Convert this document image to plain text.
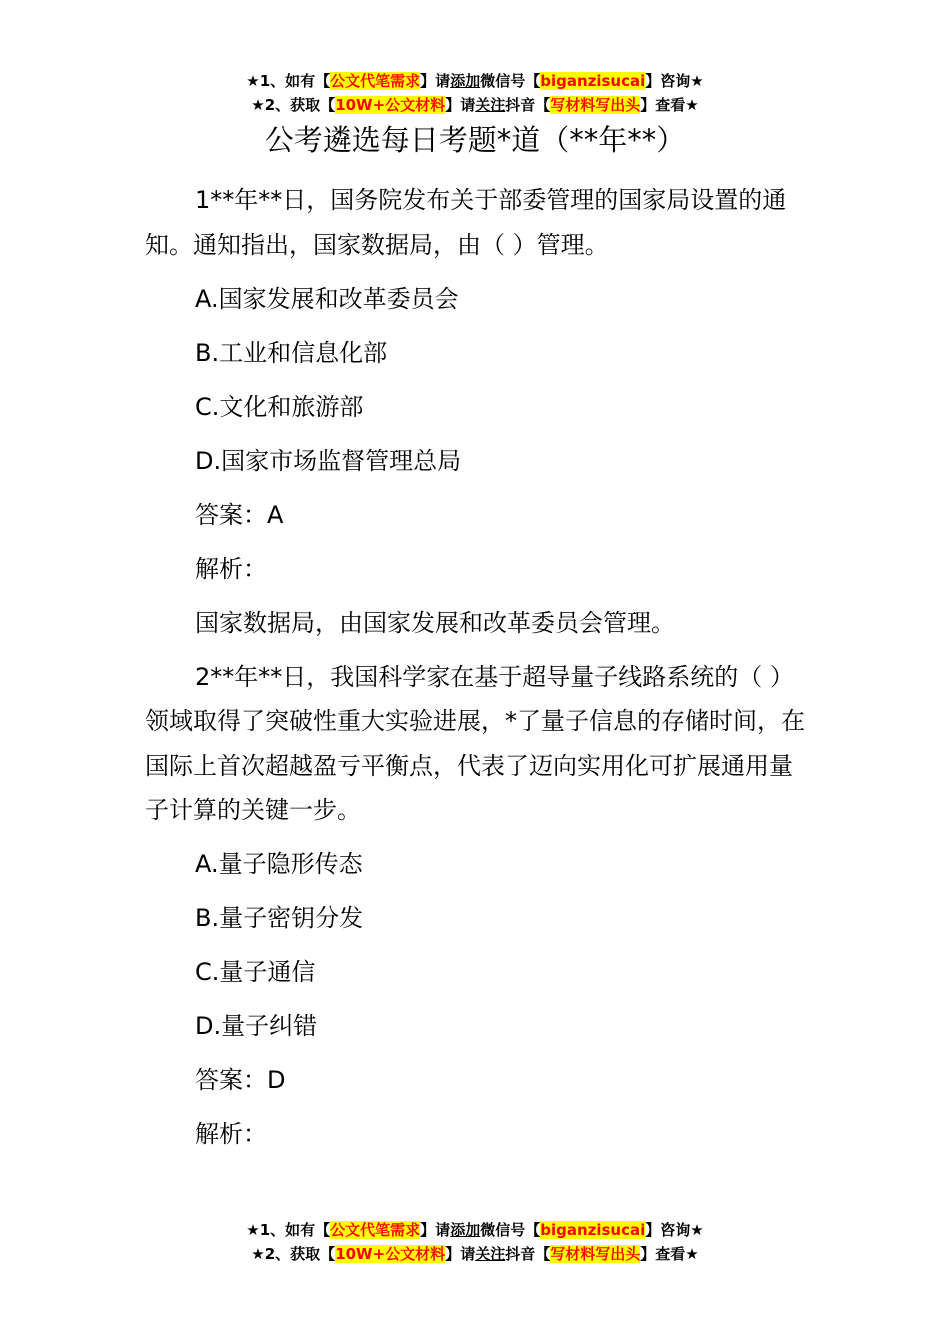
★1、如有【公文代笔需求】请添加微信号【biganzisucai】咨询★
★2、获取【10W+公文材料】请关注抖音【写材料写出头】查看★
公考遴选每日考题*道（**年**）

1**年**日，国务院发布关于部委管理的国家局设置的通知。通知指出，国家数据局，由（ ）管理。

A.国家发展和改革委员会

B.工业和信息化部

C.文化和旅游部

D.国家市场监督管理总局

答案：A

解析：

国家数据局，由国家发展和改革委员会管理。

2**年**日，我国科学家在基于超导量子线路系统的（ ）领域取得了突破性重大实验进展，*了量子信息的存储时间，在国际上首次超越盈亏平衡点，代表了迈向实用化可扩展通用量子计算的关键一步。

A.量子隐形传态

B.量子密钥分发

C.量子通信

D.量子纠错

答案：D

解析：

★1、如有【公文代笔需求】请添加微信号【biganzisucai】咨询★
★2、获取【10W+公文材料】请关注抖音【写材料写出头】查看★
